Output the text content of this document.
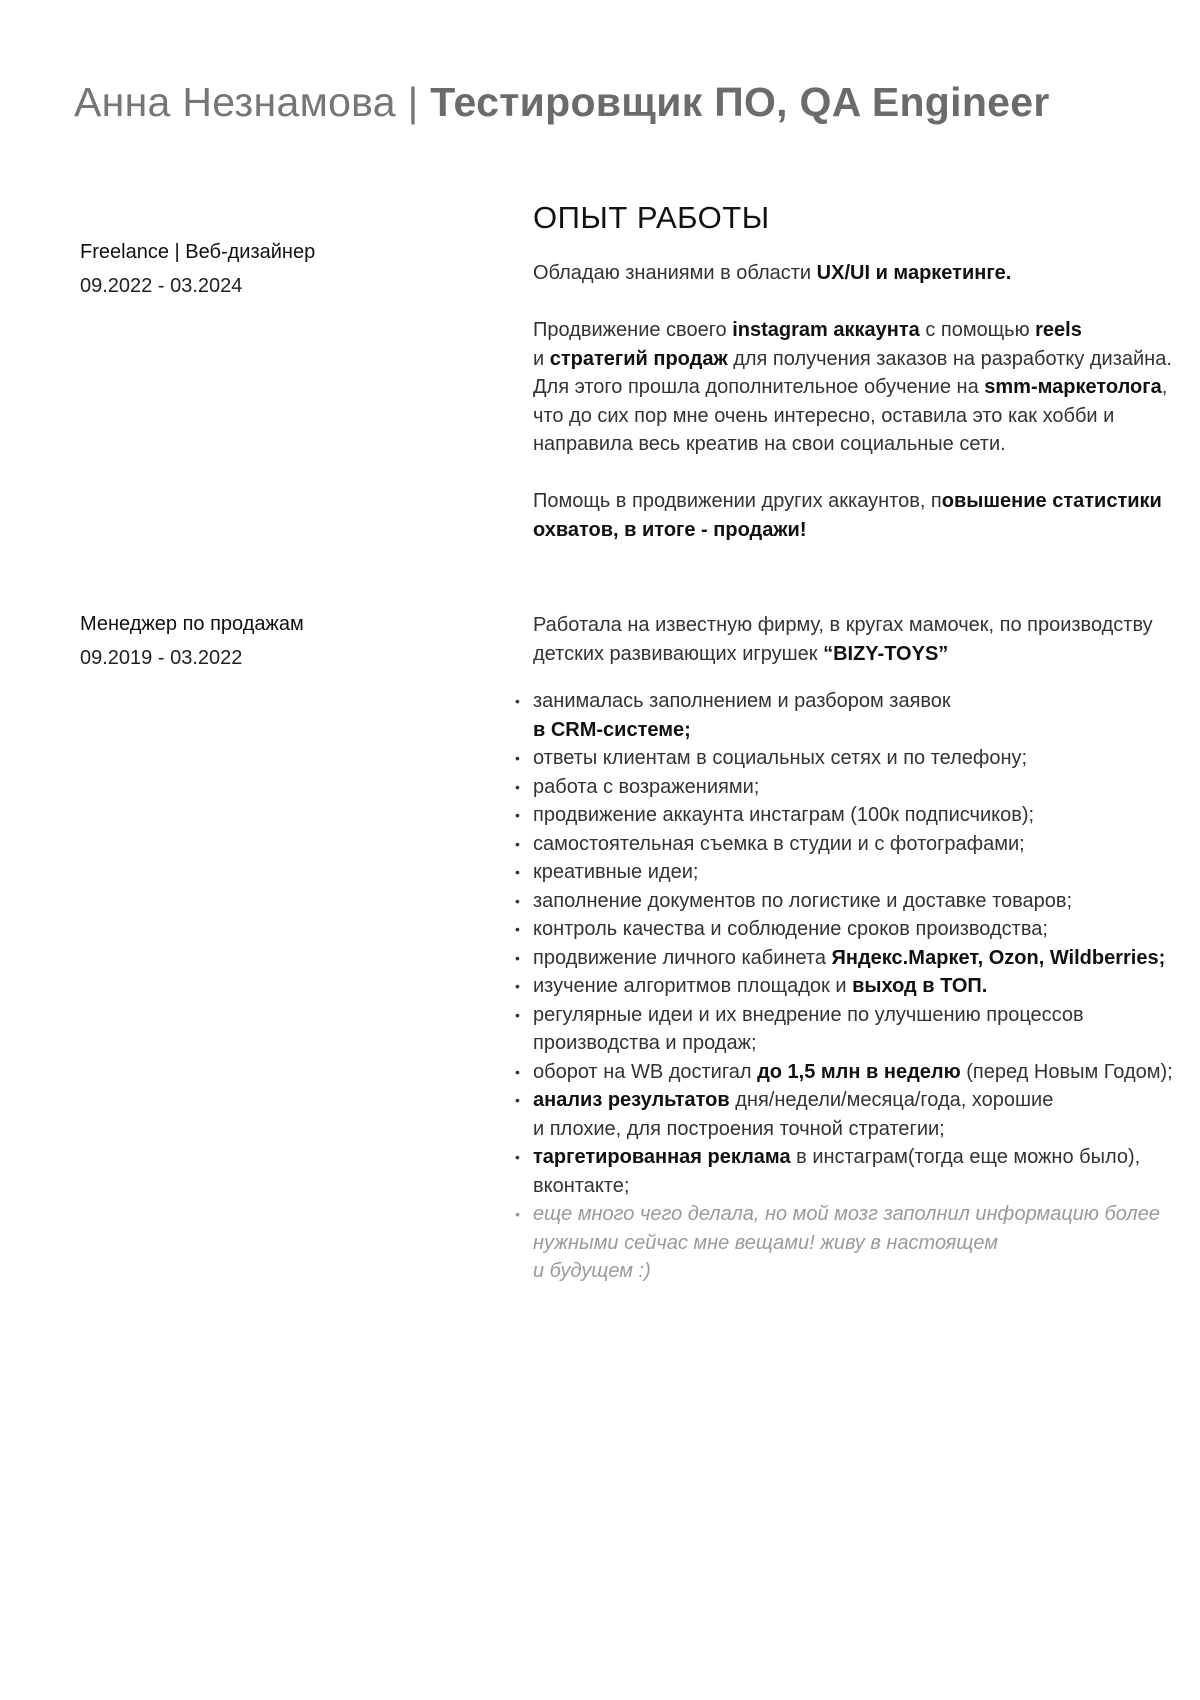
Анна Незнамова | Тестировщик ПО, QA Engineer
ОПЫТ РАБОТЫ
Freelance | Веб-дизайнер
09.2022 - 03.2024
Менеджер по продажам
09.2019 - 03.2022

Обладаю знаниями в области UX/UI и маркетинге.

Продвижение своего instagram аккаунта с помощью reels
и стратегий продаж для получения заказов на разработку дизайна. Для этого прошла дополнительное обучение на smm-маркетолога, что до сих пор мне очень интересно, оставила это как хобби и направила весь креатив на свои социальные сети.

Помощь в продвижении других аккаунтов, повышение статистики охватов, в итоге - продажи!

Работала на известную фирму, в кругах мамочек, по производству детских развивающих игрушек “BIZY-TOYS”

• занималась заполнением и разбором заявок
в CRM-системе;
• ответы клиентам в социальных сетях и по телефону;
• работа с возражениями;
• продвижение аккаунта инстаграм (100к подписчиков);
• самостоятельная съемка в студии и с фотографами;
• креативные идеи;
• заполнение документов по логистике и доставке товаров;
• контроль качества и соблюдение сроков производства;
• продвижение личного кабинета Яндекс.Маркет, Ozon, Wildberries;
• изучение алгоритмов площадок и выход в ТОП.
• регулярные идеи и их внедрение по улучшению процессов производства и продаж;
• оборот на WB достигал до 1,5 млн в неделю (перед Новым Годом);
• анализ результатов дня/недели/месяца/года, хорошие
и плохие, для построения точной стратегии;
• таргетированная реклама в инстаграм(тогда еще можно было), вконтакте;
• еще много чего делала, но мой мозг заполнил информацию более нужными сейчас мне вещами! живу в настоящем
и будущем :)
